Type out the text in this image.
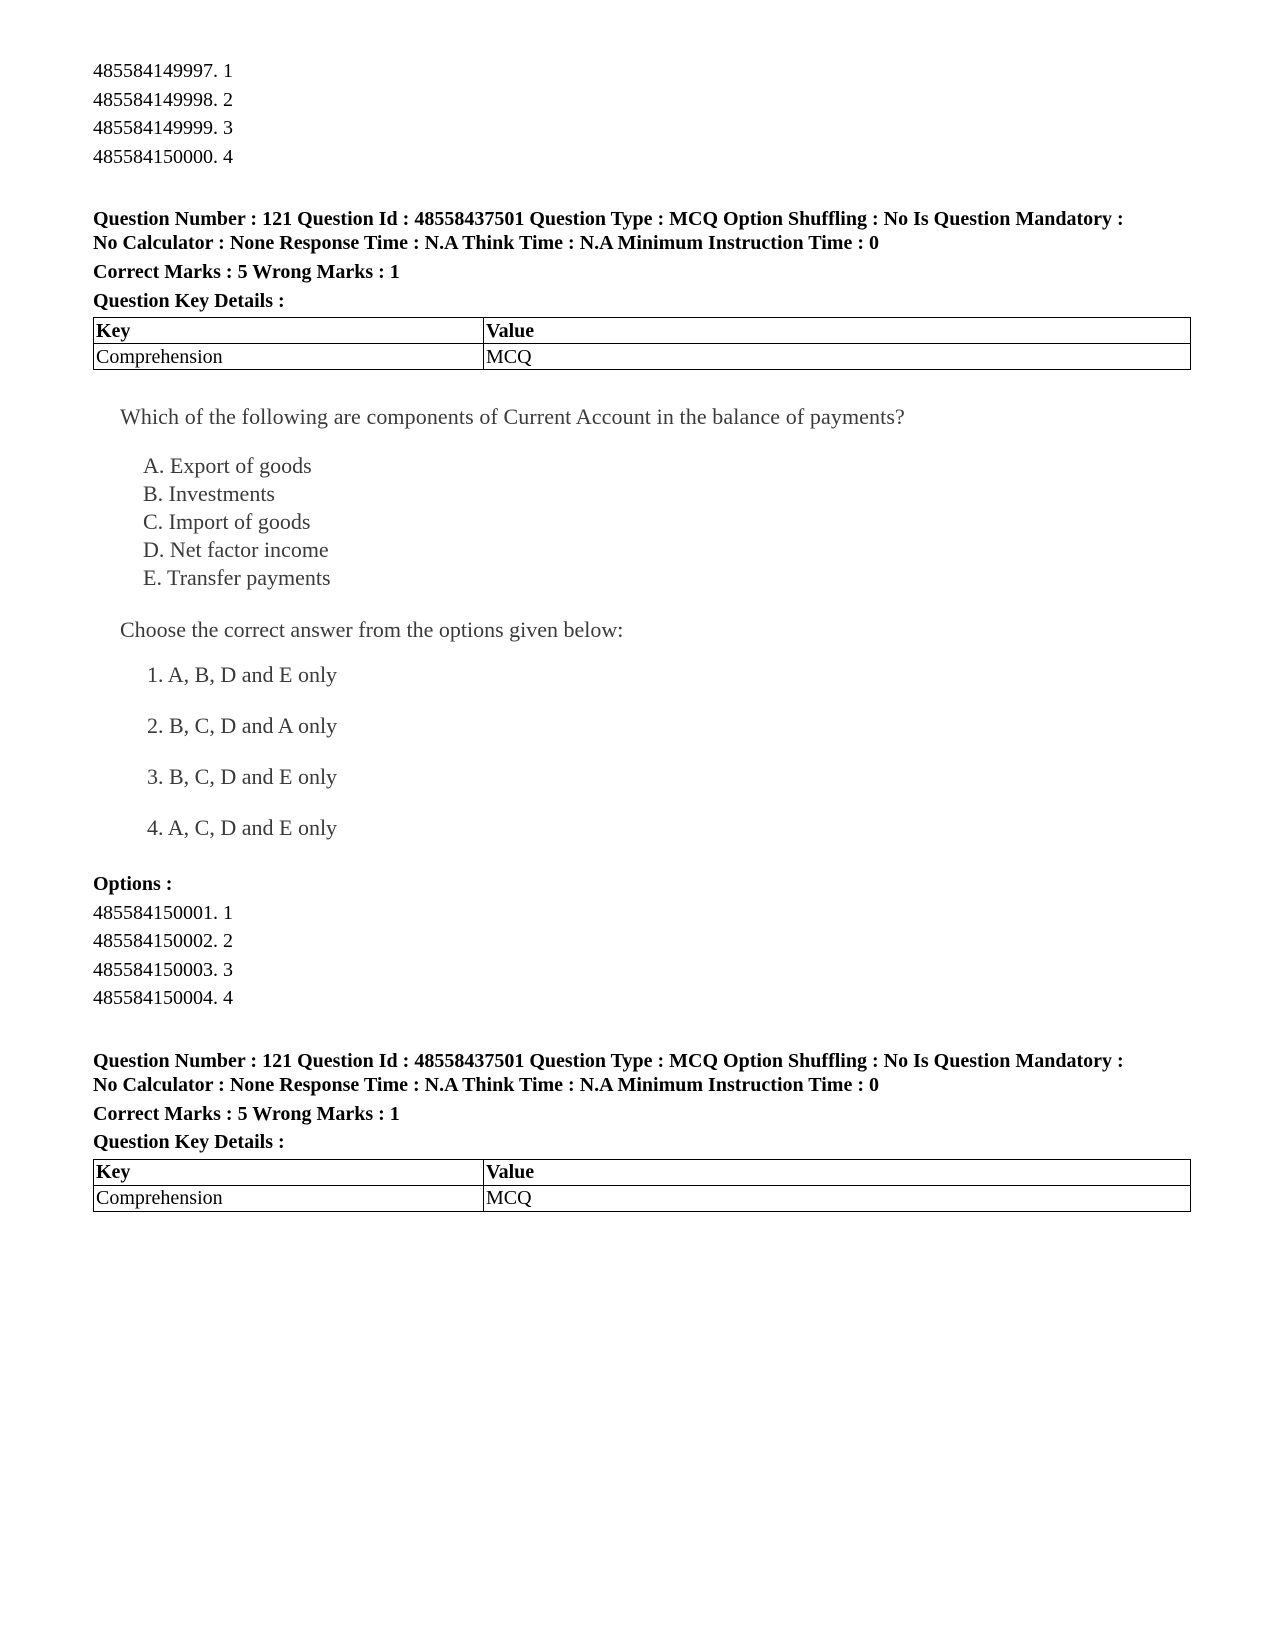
485584149997. 1
485584149998. 2
485584149999. 3
485584150000. 4
Question Number : 121 Question Id : 48558437501 Question Type : MCQ Option Shuffling : No Is Question Mandatory :
No Calculator : None Response Time : N.A Think Time : N.A Minimum Instruction Time : 0
Correct Marks : 5 Wrong Marks : 1
Question Key Details :
Key	Value
Comprehension	MCQ
Which of the following are components of Current Account in the balance of payments?
A. Export of goods
B. Investments
C. Import of goods
D. Net factor income
E. Transfer payments
Choose the correct answer from the options given below:
1. A, B, D and E only
2. B, C, D and A only
3. B, C, D and E only
4. A, C, D and E only
Options :
485584150001. 1
485584150002. 2
485584150003. 3
485584150004. 4
Question Number : 121 Question Id : 48558437501 Question Type : MCQ Option Shuffling : No Is Question Mandatory :
No Calculator : None Response Time : N.A Think Time : N.A Minimum Instruction Time : 0
Correct Marks : 5 Wrong Marks : 1
Question Key Details :
Key	Value
Comprehension	MCQ
